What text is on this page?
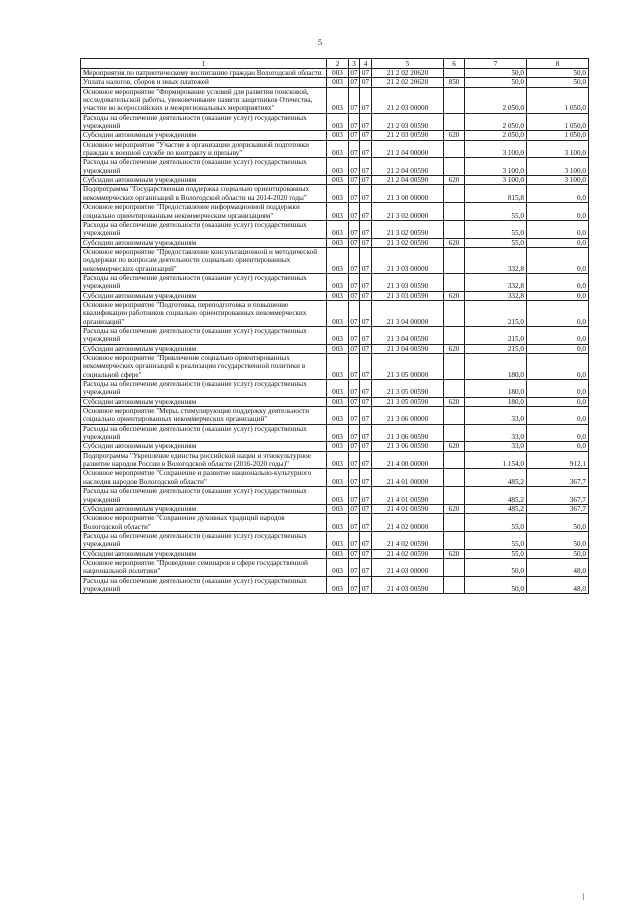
5
1	2	3	4	5	6	7	8
Мероприятия по патриотическому воспитанию граждан Вологодской области	003	07	07	21 2 02 20620		50,0	50,0
Уплата налогов, сборов и иных платежей	003	07	07	21 2 02 20620	850	50,0	50,0
Основное мероприятие "Формирование условий для развития поисковой, исследовательской работы, увековечивание памяти защитников Отечества, участие во всероссийских и межрегиональных мероприятиях"	003	07	07	21 2 03 00000		2 050,0	1 050,0
Расходы на обеспечение деятельности (оказание услуг) государственных учреждений	003	07	07	21 2 03 00590		2 050,0	1 050,0
Субсидии автономным учреждениям	003	07	07	21 2 03 00590	620	2 050,0	1 050,0
Основное мероприятие "Участие в организации допризывной подготовки граждан к военной службе по контракту и призыву"	003	07	07	21 2 04 00000		3 100,0	3 100,0
Расходы на обеспечение деятельности (оказание услуг) государственных учреждений	003	07	07	21 2 04 00590		3 100,0	3 100,0
Субсидии автономным учреждениям	003	07	07	21 2 04 00590	620	3 100,0	3 100,0
Подпрограмма "Государственная поддержка социально ориентированных некоммерческих организаций в Вологодской области на 2014-2020 годы"	003	07	07	21 3 00 00000		815,8	0,0
Основное мероприятие "Предоставление информационной поддержки социально ориентированным некоммерческим организациям"	003	07	07	21 3 02 00000		55,0	0,0
Расходы на обеспечение деятельности (оказание услуг) государственных учреждений	003	07	07	21 3 02 00590		55,0	0,0
Субсидии автономным учреждениям	003	07	07	21 3 02 00590	620	55,0	0,0
Основное мероприятие "Предоставление консультационной и методической поддержки по вопросам деятельности социально ориентированных некоммерческих организаций"	003	07	07	21 3 03 00000		332,8	0,0
Расходы на обеспечение деятельности (оказание услуг) государственных учреждений	003	07	07	21 3 03 00590		332,8	0,0
Субсидии автономным учреждениям	003	07	07	21 3 03 00590	620	332,8	0,0
Основное мероприятие "Подготовка, переподготовка и повышение квалификации работников социально ориентированных некоммерческих организаций"	003	07	07	21 3 04 00000		215,0	0,0
Расходы на обеспечение деятельности (оказание услуг) государственных учреждений	003	07	07	21 3 04 00590		215,0	0,0
Субсидии автономным учреждениям	003	07	07	21 3 04 00590	620	215,0	0,0
Основное мероприятие "Привлечение социально ориентированных некоммерческих организаций к реализации государственной политики в социальной сфере"	003	07	07	21 3 05 00000		180,0	0,0
Расходы на обеспечение деятельности (оказание услуг) государственных учреждений	003	07	07	21 3 05 00590		180,0	0,0
Субсидии автономным учреждениям	003	07	07	21 3 05 00590	620	180,0	0,0
Основное мероприятие "Меры, стимулирующие поддержку деятельности социально ориентированных некоммерческих организаций"	003	07	07	21 3 06 00000		33,0	0,0
Расходы на обеспечение деятельности (оказание услуг) государственных учреждений	003	07	07	21 3 06 00590		33,0	0,0
Субсидии автономным учреждениям	003	07	07	21 3 06 00590	620	33,0	0,0
Подпрограмма "Укрепление единства российской нации и этнокультурное развитие народов России в Вологодской области (2016-2020 годы)"	003	07	07	21 4 00 00000		1 154,0	912,1
Основное мероприятие "Сохранение и развитие национально-культурного наследия народов Вологодской области"	003	07	07	21 4 01 00000		485,2	367,7
Расходы на обеспечение деятельности (оказание услуг) государственных учреждений	003	07	07	21 4 01 00590		485,2	367,7
Субсидии автономным учреждениям	003	07	07	21 4 01 00590	620	485,2	367,7
Основное мероприятие "Сохранение духовных традиций народов Вологодской области"	003	07	07	21 4 02 00000		55,0	50,0
Расходы на обеспечение деятельности (оказание услуг) государственных учреждений	003	07	07	21 4 02 00590		55,0	50,0
Субсидии автономным учреждениям	003	07	07	21 4 02 00590	620	55,0	50,0
Основное мероприятие "Проведение семинаров в сфере государственной национальной политики"	003	07	07	21 4 03 00000		50,0	48,0
Расходы на обеспечение деятельности (оказание услуг) государственных учреждений	003	07	07	21 4 03 00590		50,0	48,0
